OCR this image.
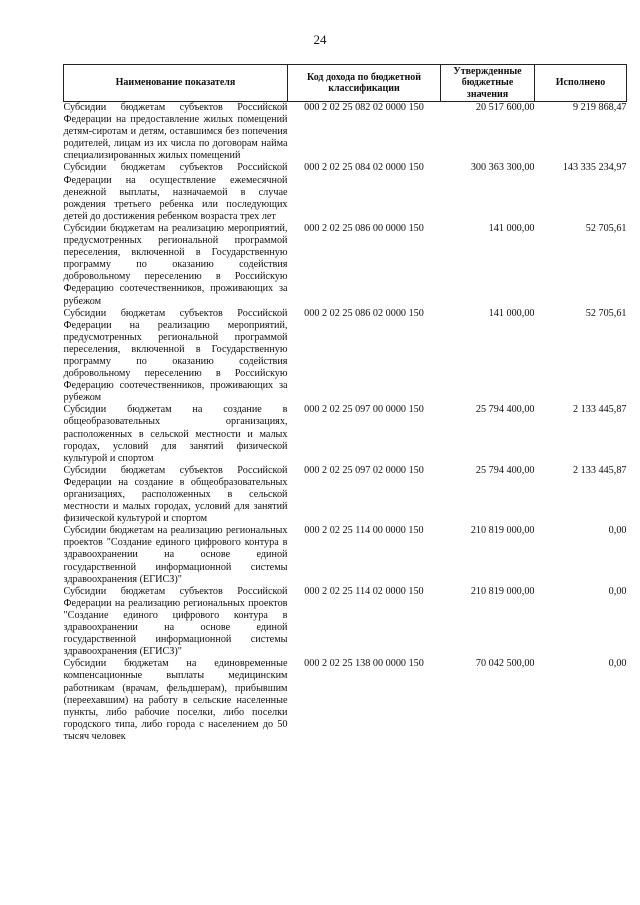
24
Наименование показателя	Код дохода по бюджетной классификации	Утвержденные бюджетные значения	Исполнено
Субсидии бюджетам субъектов Российской Федерации на предоставление жилых помещений детям-сиротам и детям, оставшимся без попечения родителей, лицам из их числа по договорам найма специализированных жилых помещений	000 2 02 25 082 02 0000 150	20 517 600,00	9 219 868,47
Субсидии бюджетам субъектов Российской Федерации на осуществление ежемесячной денежной выплаты, назначаемой в случае рождения третьего ребенка или последующих детей до достижения ребенком возраста трех лет	000 2 02 25 084 02 0000 150	300 363 300,00	143 335 234,97
Субсидии бюджетам на реализацию мероприятий, предусмотренных региональной программой переселения, включенной в Государственную программу по оказанию содействия добровольному переселению в Российскую Федерацию соотечественников, проживающих за рубежом	000 2 02 25 086 00 0000 150	141 000,00	52 705,61
Субсидии бюджетам субъектов Российской Федерации на реализацию мероприятий, предусмотренных региональной программой переселения, включенной в Государственную программу по оказанию содействия добровольному переселению в Российскую Федерацию соотечественников, проживающих за рубежом	000 2 02 25 086 02 0000 150	141 000,00	52 705,61
Субсидии бюджетам на создание в общеобразовательных организациях, расположенных в сельской местности и малых городах, условий для занятий физической культурой и спортом	000 2 02 25 097 00 0000 150	25 794 400,00	2 133 445,87
Субсидии бюджетам субъектов Российской Федерации на создание в общеобразовательных организациях, расположенных в сельской местности и малых городах, условий для занятий физической культурой и спортом	000 2 02 25 097 02 0000 150	25 794 400,00	2 133 445,87
Субсидии бюджетам на реализацию региональных проектов "Создание единого цифрового контура в здравоохранении на основе единой государственной информационной системы здравоохранения (ЕГИСЗ)"	000 2 02 25 114 00 0000 150	210 819 000,00	0,00
Субсидии бюджетам субъектов Российской Федерации на реализацию региональных проектов "Создание единого цифрового контура в здравоохранении на основе единой государственной информационной системы здравоохранения (ЕГИСЗ)"	000 2 02 25 114 02 0000 150	210 819 000,00	0,00
Субсидии бюджетам на единовременные компенсационные выплаты медицинским работникам (врачам, фельдшерам), прибывшим (переехавшим) на работу в сельские населенные пункты, либо рабочие поселки, либо поселки городского типа, либо города с населением до 50 тысяч человек	000 2 02 25 138 00 0000 150	70 042 500,00	0,00
